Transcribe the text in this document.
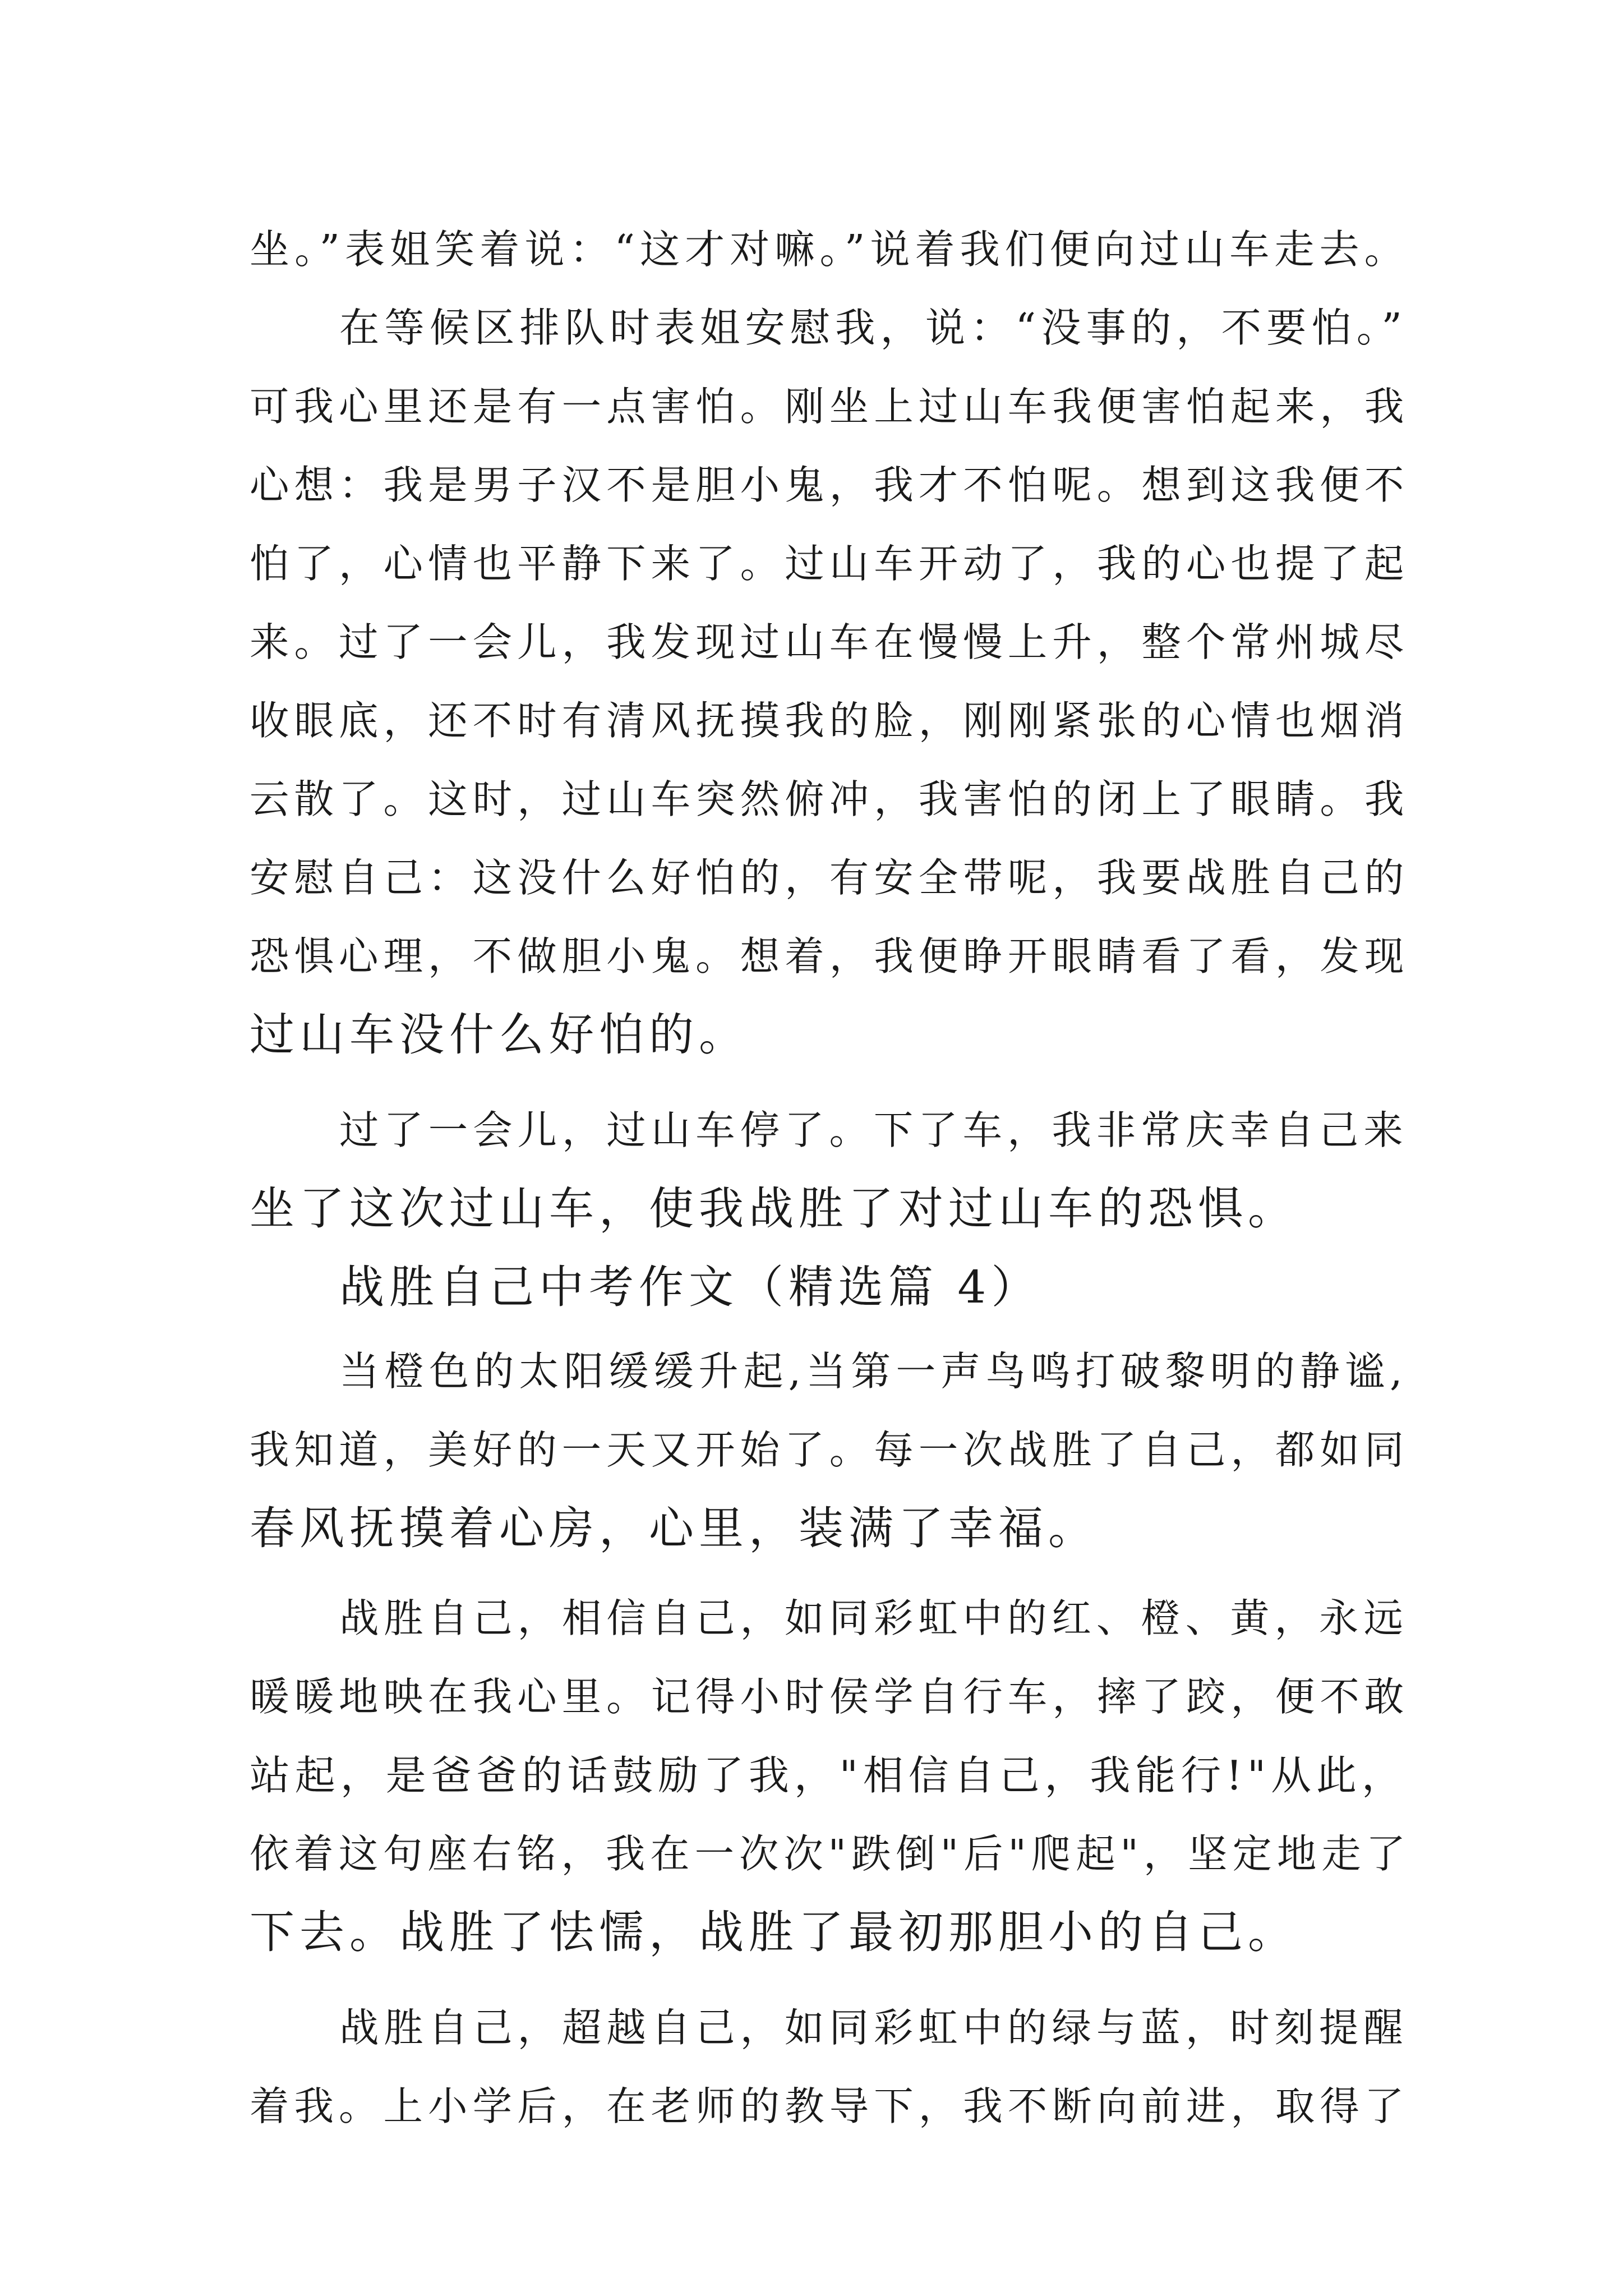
坐。”表姐笑着说：“这才对嘛。”说着我们便向过山车走去。
在等候区排队时表姐安慰我，说：“没事的，不要怕。”
可我心里还是有一点害怕。刚坐上过山车我便害怕起来，我
心想：我是男子汉不是胆小鬼，我才不怕呢。想到这我便不
怕了，心情也平静下来了。过山车开动了，我的心也提了起
来。过了一会儿，我发现过山车在慢慢上升，整个常州城尽
收眼底，还不时有清风抚摸我的脸，刚刚紧张的心情也烟消
云散了。这时，过山车突然俯冲，我害怕的闭上了眼睛。我
安慰自己：这没什么好怕的，有安全带呢，我要战胜自己的
恐惧心理，不做胆小鬼。想着，我便睁开眼睛看了看，发现
过山车没什么好怕的。
过了一会儿，过山车停了。下了车，我非常庆幸自己来
坐了这次过山车，使我战胜了对过山车的恐惧。
战胜自己中考作文（精选篇 4）
当橙色的太阳缓缓升起,当第一声鸟鸣打破黎明的静谧,
我知道，美好的一天又开始了。每一次战胜了自己，都如同
春风抚摸着心房，心里，装满了幸福。
战胜自己，相信自己，如同彩虹中的红、橙、黄，永远
暖暖地映在我心里。记得小时侯学自行车，摔了跤，便不敢
站起，是爸爸的话鼓励了我，"相信自己，我能行!"从此，
依着这句座右铭，我在一次次"跌倒"后"爬起"，坚定地走了
下去。战胜了怯懦，战胜了最初那胆小的自己。
战胜自己，超越自己，如同彩虹中的绿与蓝，时刻提醒
着我。上小学后，在老师的教导下，我不断向前进，取得了
